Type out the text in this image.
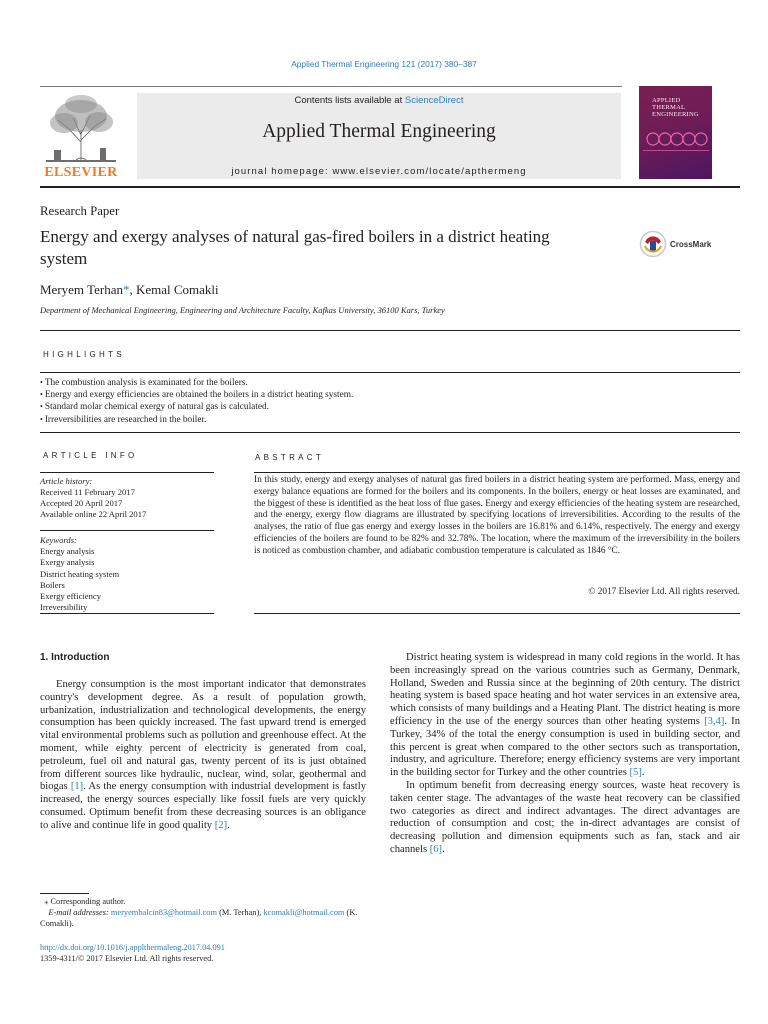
Applied Thermal Engineering 121 (2017) 380–387
ELSEVIER
Contents lists available at ScienceDirect
Applied Thermal Engineering
journal homepage: www.elsevier.com/locate/apthermeng
APPLIED
THERMAL
ENGINEERING
Research Paper
Energy and exergy analyses of natural gas-fired boilers in a district heating system
CrossMark
Meryem Terhan*, Kemal Comakli
Department of Mechanical Engineering, Engineering and Architecture Faculty, Kafkas University, 36100 Kars, Turkey
HIGHLIGHTS
• The combustion analysis is examinated for the boilers.
• Energy and exergy efficiencies are obtained the boilers in a district heating system.
• Standard molar chemical exergy of natural gas is calculated.
• Irreversibilities are researched in the boiler.
ARTICLE INFO
Article history:
Received 11 February 2017
Accepted 20 April 2017
Available online 22 April 2017
Keywords:
Energy analysis
Exergy analysis
District heating system
Boilers
Exergy efficiency
Irreversibility
ABSTRACT
In this study, energy and exergy analyses of natural gas fired boilers in a district heating system are performed. Mass, energy and exergy balance equations are formed for the boilers and its components. In the boilers, energy or heat losses are examinated, and the biggest of these is identified as the heat loss of flue gases. Energy and exergy efficiencies of the heating system are researched, and the energy, exergy flow diagrams are illustrated by specifying locations of irreversibilities. According to the results of the analyses, the ratio of flue gas energy and exergy losses in the boilers are 16.81% and 6.14%, respectively. The energy and exergy efficiencies of the boilers are found to be 82% and 32.78%. The location, where the maximum of the irreversibility in the boilers is noticed as combustion chamber, and adiabatic combustion temperature is calculated as 1846 °C.
© 2017 Elsevier Ltd. All rights reserved.
1. Introduction

Energy consumption is the most important indicator that demonstrates country's development degree. As a result of population growth, urbanization, industrialization and technological developments, the energy consumption has been quickly increased. The fast upward trend is emerged vital environmental problems such as pollution and greenhouse effect. At the moment, while eighty percent of electricity is generated from coal, petroleum, fuel oil and natural gas, twenty percent of its is just obtained from different sources like hydraulic, nuclear, wind, solar, geothermal and biogas [1]. As the energy consumption with industrial development is fastly increased, the energy sources especially like fossil fuels are very quickly consumed. Optimum benefit from these decreasing sources is an obligance to alive and continue life in good quality [2].

District heating system is widespread in many cold regions in the world. It has been increasingly spread on the various countries such as Germany, Denmark, Holland, Sweden and Russia since at the beginning of 20th century. The district heating system is based space heating and hot water services in an extensive area, which consists of many buildings and a Heating Plant. The district heating is more efficiency in the use of the energy sources than other heating systems [3,4]. In Turkey, 34% of the total the energy consumption is used in building sector, and this percent is great when compared to the other sectors such as transportation, industry, and agriculture. Therefore; energy efficiency systems are very important in the building sector for Turkey and the other countries [5].

In optimum benefit from decreasing energy sources, waste heat recovery is taken center stage. The advantages of the waste heat recovery can be classified two categories as direct and indirect advantages. The direct advantages are reduction of consumption and cost; the in-direct advantages are consist of decreasing pollution and dimension equipments such as fan, stack and air channels [6].

⁎ Corresponding author.
E-mail addresses: meryembalcin83@hotmail.com (M. Terhan), kcomakli@hotmail.com (K. Comakli).
http://dx.doi.org/10.1016/j.applthermaleng.2017.04.091
1359-4311/© 2017 Elsevier Ltd. All rights reserved.
